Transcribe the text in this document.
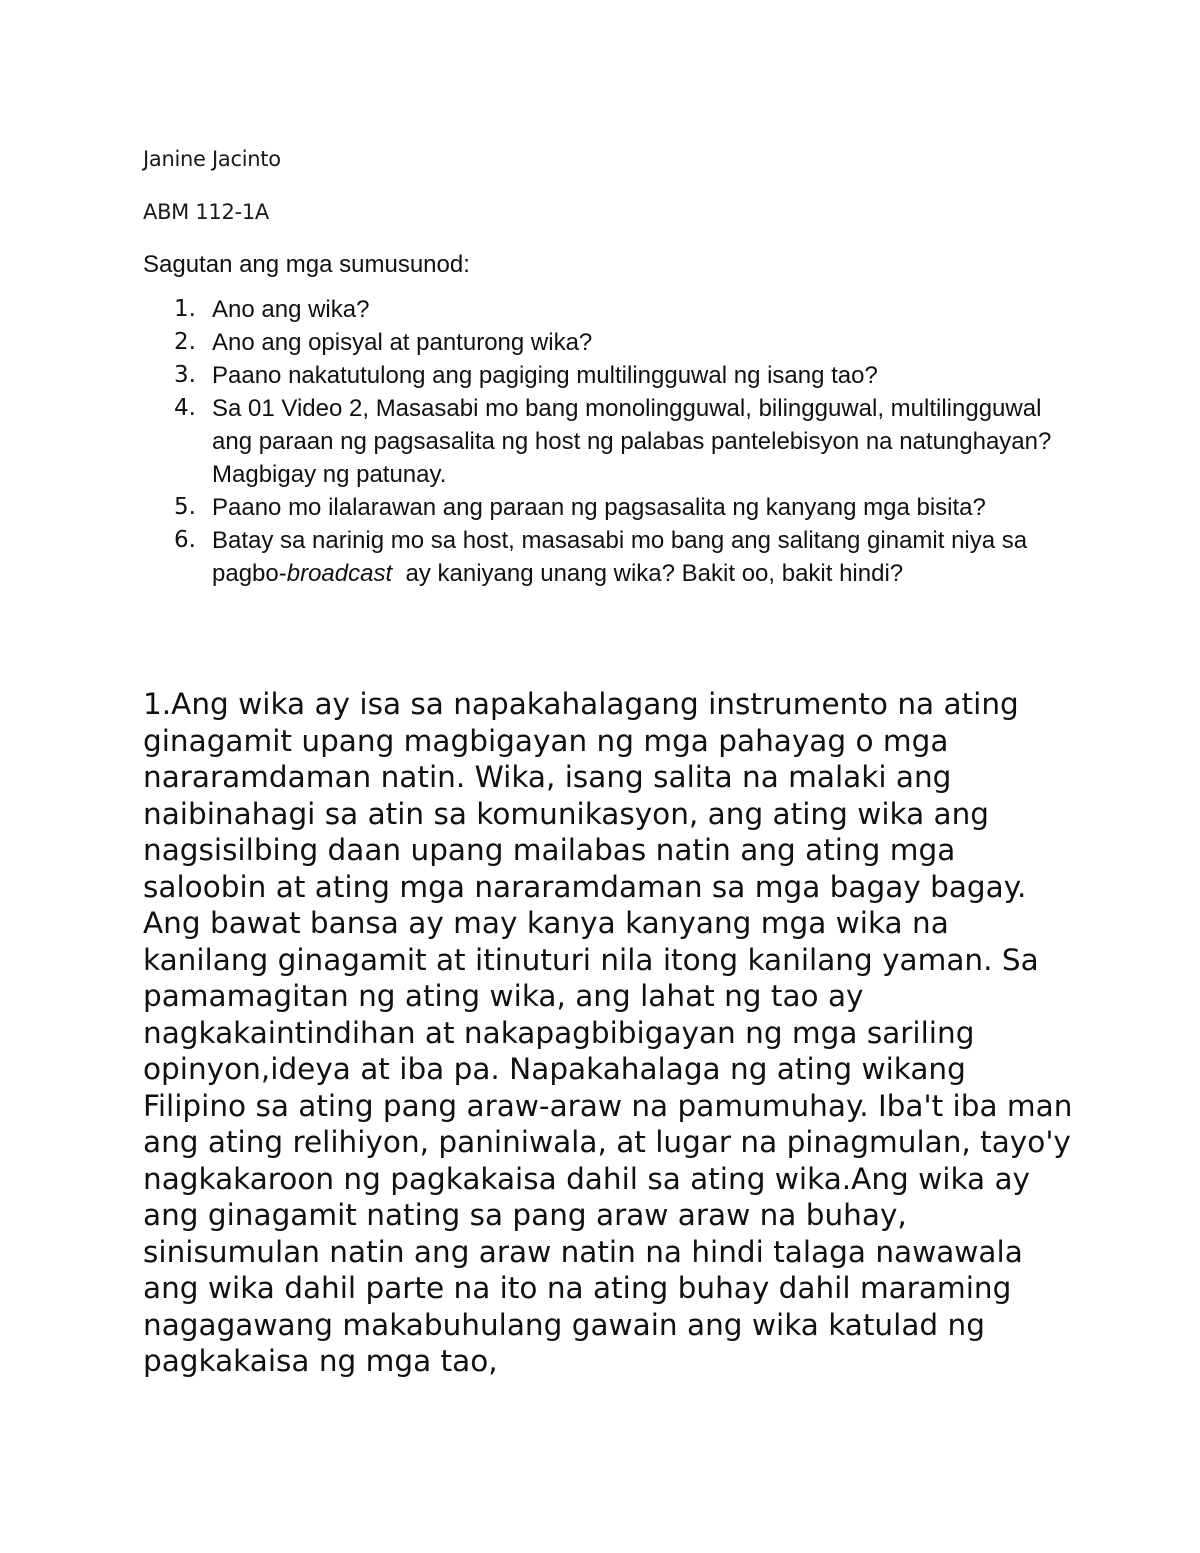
Janine Jacinto
ABM 112-1A
Sagutan ang mga sumusunod:
1. Ano ang wika?
2. Ano ang opisyal at panturong wika?
3. Paano nakatutulong ang pagiging multilingguwal ng isang tao?
4. Sa 01 Video 2, Masasabi mo bang monolingguwal, bilingguwal, multilingguwal ang paraan ng pagsasalita ng host ng palabas pantelebisyon na natunghayan? Magbigay ng patunay.
5. Paano mo ilalarawan ang paraan ng pagsasalita ng kanyang mga bisita?
6. Batay sa narinig mo sa host, masasabi mo bang ang salitang ginamit niya sa pagbo-broadcast  ay kaniyang unang wika? Bakit oo, bakit hindi?

1.Ang wika ay isa sa napakahalagang instrumento na ating ginagamit upang magbigayan ng mga pahayag o mga nararamdaman natin. Wika, isang salita na malaki ang naibinahagi sa atin sa komunikasyon, ang ating wika ang nagsisilbing daan upang mailabas natin ang ating mga saloobin at ating mga nararamdaman sa mga bagay bagay. Ang bawat bansa ay may kanya kanyang mga wika na kanilang ginagamit at itinuturi nila itong kanilang yaman. Sa pamamagitan ng ating wika, ang lahat ng tao ay nagkakaintindihan at nakapagbibigayan ng mga sariling opinyon,ideya at iba pa. Napakahalaga ng ating wikang Filipino sa ating pang araw-araw na pamumuhay. Iba't iba man ang ating relihiyon, paniniwala, at lugar na pinagmulan, tayo'y nagkakaroon ng pagkakaisa dahil sa ating wika.Ang wika ay ang ginagamit nating sa pang araw araw na buhay, sinisumulan natin ang araw natin na hindi talaga nawawala ang wika dahil parte na ito na ating buhay dahil maraming nagagawang makabuhulang gawain ang wika katulad ng pagkakaisa ng mga tao,
